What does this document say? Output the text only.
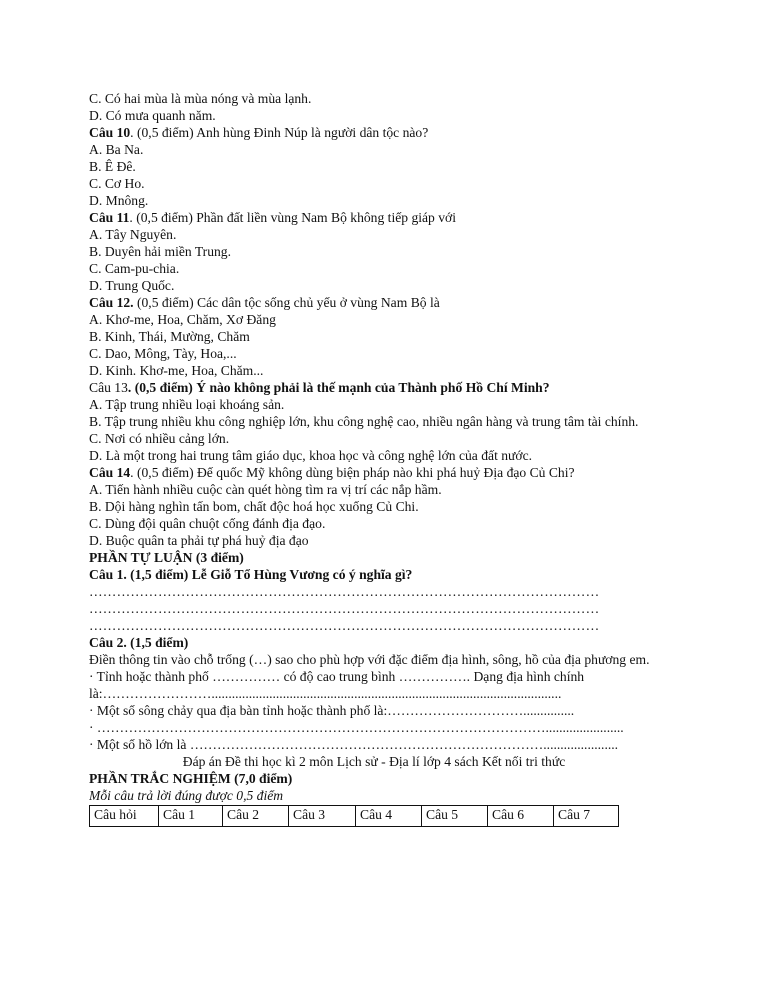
C. Có hai mùa là mùa nóng và mùa lạnh.
D. Có mưa quanh năm.
Câu 10. (0,5 điểm) Anh hùng Đinh Núp là người dân tộc nào?
A. Ba Na.
B. Ê Đê.
C. Cơ Ho.
D. Mnông.
Câu 11. (0,5 điểm) Phần đất liền vùng Nam Bộ không tiếp giáp với
A. Tây Nguyên.
B. Duyên hải miền Trung.
C. Cam-pu-chia.
D. Trung Quốc.
Câu 12. (0,5 điểm) Các dân tộc sống chủ yếu ở vùng Nam Bộ là
A. Khơ-me, Hoa, Chăm, Xơ Đăng
B. Kinh, Thái, Mường, Chăm
C. Dao, Mông, Tày, Hoa,...
D. Kinh. Khơ-me, Hoa, Chăm...
Câu 13. (0,5 điểm) Ý nào không phải là thế mạnh của Thành phố Hồ Chí Minh?
A. Tập trung nhiều loại khoáng sản.
B. Tập trung nhiều khu công nghiệp lớn, khu công nghệ cao, nhiều ngân hàng và trung tâm tài chính.
C. Nơi có nhiều cảng lớn.
D. Là một trong hai trung tâm giáo dục, khoa học và công nghệ lớn của đất nước.
Câu 14. (0,5 điểm) Đế quốc Mỹ không dùng biện pháp nào khi phá huỷ Địa đạo Củ Chi?
A. Tiến hành nhiều cuộc càn quét hòng tìm ra vị trí các nắp hầm.
B. Dội hàng nghìn tấn bom, chất độc hoá học xuống Củ Chi.
C. Dùng đội quân chuột cống đánh địa đạo.
D. Buộc quân ta phải tự phá huỷ địa đạo
PHẦN TỰ LUẬN (3 điểm)
Câu 1. (1,5 điểm) Lễ Giỗ Tổ Hùng Vương có ý nghĩa gì?
…………………………………………………………………………………………………
…………………………………………………………………………………………………
…………………………………………………………………………………………………
Câu 2. (1,5 điểm)
Điền thông tin vào chỗ trống (…) sao cho phù hợp với đặc điểm địa hình, sông, hồ của địa phương em.
· Tỉnh hoặc thành phố …………… có độ cao trung bình ……………. Dạng địa hình chính
là:…………………….......................................................................................................
· Một số sông chảy qua địa bàn tỉnh hoặc thành phố là:…………………………...............
· ……………………………………………………………………………………….......................
· Một số hồ lớn là ……………………………………………………………………......................
Đáp án Đề thi học kì 2 môn Lịch sử - Địa lí lớp 4 sách Kết nối tri thức
PHẦN TRẮC NGHIỆM (7,0 điểm)
Mỗi câu trả lời đúng được 0,5 điểm
Câu hỏi	Câu 1	Câu 2	Câu 3	Câu 4	Câu 5	Câu 6	Câu 7
